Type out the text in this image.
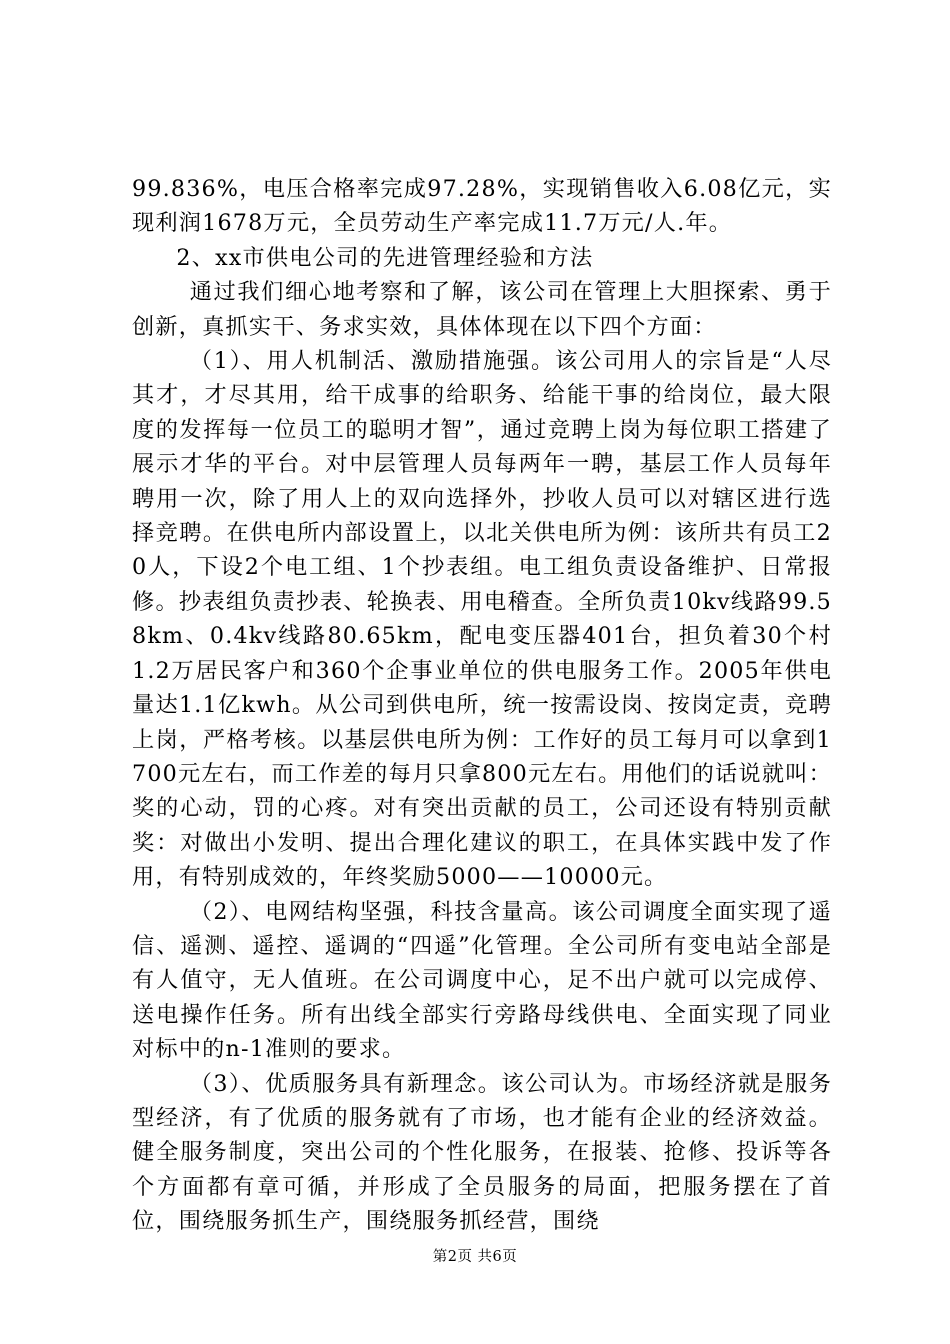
99.836%，电压合格率完成97.28%，实现销售收入6.08亿元，实现利润1678万元，全员劳动生产率完成11.7万元/人.年。

2、xx市供电公司的先进管理经验和方法

通过我们细心地考察和了解，该公司在管理上大胆探索、勇于创新，真抓实干、务求实效，具体体现在以下四个方面：

（1）、用人机制活、激励措施强。该公司用人的宗旨是“人尽其才，才尽其用，给干成事的给职务、给能干事的给岗位，最大限度的发挥每一位员工的聪明才智”，通过竞聘上岗为每位职工搭建了展示才华的平台。对中层管理人员每两年一聘，基层工作人员每年聘用一次，除了用人上的双向选择外，抄收人员可以对辖区进行选择竞聘。在供电所内部设置上，以北关供电所为例：该所共有员工20人，下设2个电工组、1个抄表组。电工组负责设备维护、日常报修。抄表组负责抄表、轮换表、用电稽查。全所负责10kv线路99.58km、0.4kv线路80.65km，配电变压器401台，担负着30个村1.2万居民客户和360个企事业单位的供电服务工作。2005年供电量达1.1亿kwh。从公司到供电所，统一按需设岗、按岗定责，竞聘上岗，严格考核。以基层供电所为例：工作好的员工每月可以拿到1700元左右，而工作差的每月只拿800元左右。用他们的话说就叫：奖的心动，罚的心疼。对有突出贡献的员工，公司还设有特别贡献奖：对做出小发明、提出合理化建议的职工，在具体实践中发了作用，有特别成效的，年终奖励5000——10000元。

（2）、电网结构坚强，科技含量高。该公司调度全面实现了遥信、遥测、遥控、遥调的“四遥”化管理。全公司所有变电站全部是有人值守，无人值班。在公司调度中心，足不出户就可以完成停、送电操作任务。所有出线全部实行旁路母线供电、全面实现了同业对标中的n-1准则的要求。

（3）、优质服务具有新理念。该公司认为。市场经济就是服务型经济，有了优质的服务就有了市场，也才能有企业的经济效益。健全服务制度，突出公司的个性化服务，在报装、抢修、投诉等各个方面都有章可循，并形成了全员服务的局面，把服务摆在了首位，围绕服务抓生产，围绕服务抓经营，围绕

第2页 共6页
